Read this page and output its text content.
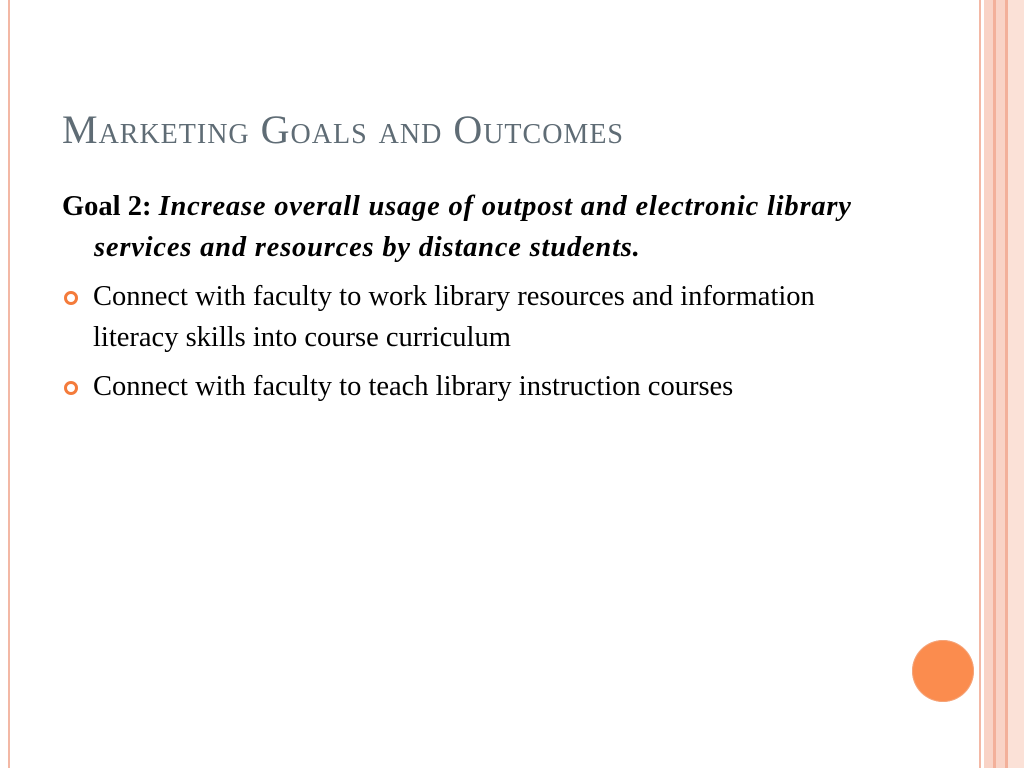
Marketing Goals and Outcomes

Goal 2: Increase overall usage of outpost and electronic library services and resources by distance students.

Connect with faculty to work library resources and information literacy skills into course curriculum
Connect with faculty to teach library instruction courses
